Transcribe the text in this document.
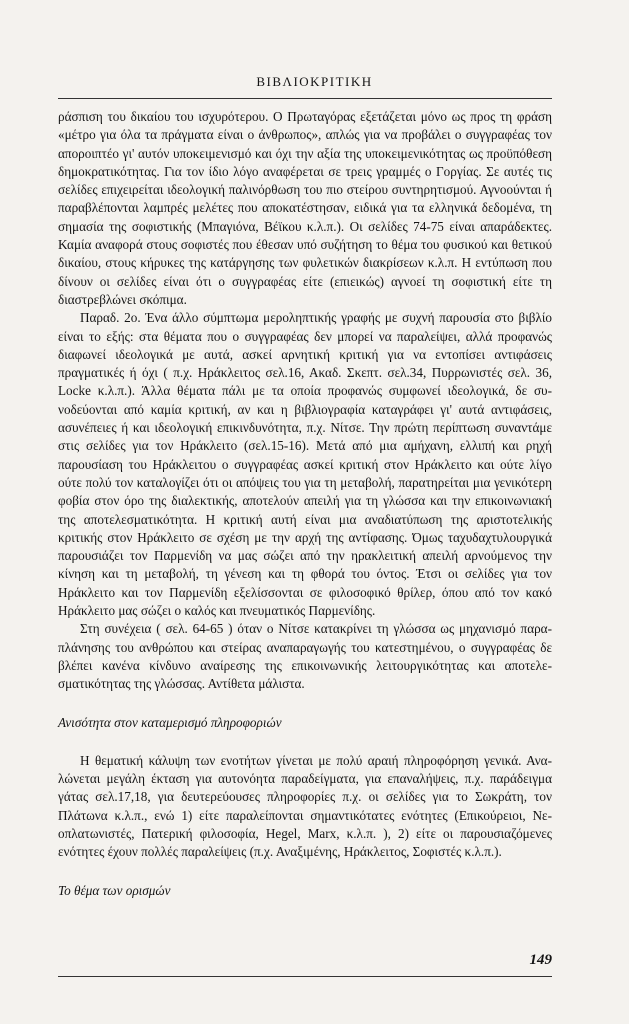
ΒΙΒΛΙΟΚΡΙΤΙΚΗ

ράσπιση του δικαίου του ισχυρότερου. Ο Πρωταγόρας εξετάζεται μόνο ως προς τη φράση «μέτρο για όλα τα πράγματα είναι ο άνθρωπος», απλώς για να προβάλει ο συγγραφέας τον αποροιπτέο γι' αυτόν υποκειμενισμό και όχι την αξία της υποκειμενικότητας ως προϋπόθεση δημοκρατικότητας. Για τον ίδιο λόγο αναφέρεται σε τρεις γραμμές ο Γοργίας. Σε αυτές τις σελίδες επιχειρείται ιδεολογική παλινόρθωση του πιο στείρου συντηρητισμού. Αγνοούνται ή παραβλέπονται λαμπρές μελέτες που αποκατέστησαν, ειδικά για τα ελληνικά δεδομένα, τη σημασία της σοφιστικής (Μπαγιόνα, Βέϊκου κ.λ.π.). Οι σελίδες 74-75 είναι απαράδεκτες. Καμία αναφορά στους σοφιστές που έθεσαν υπό συζήτηση το θέμα του φυσικού και θετικού δικαίου, στους κήρυκες της κατάργησης των φυλετικών διακρίσεων κ.λ.π. Η εντύπωση που δίνουν οι σελίδες είναι ότι ο συγγραφέας είτε (επιεικώς) αγνοεί τη σοφιστική είτε τη διαστρεβλώνει σκόπιμα.

Παραδ. 2ο. Ένα άλλο σύμπτωμα μεροληπτικής γραφής με συχνή παρουσία στο βιβλίο είναι το εξής: στα θέματα που ο συγγραφέας δεν μπορεί να παραλείψει, αλλά προφανώς διαφωνεί ιδεολογικά με αυτά, ασκεί αρνητική κριτική για να εντοπίσει αντιφάσεις πραγματικές ή όχι ( π.χ. Ηράκλειτος σελ.16, Ακαδ. Σκεπτ. σελ.34, Πυρρωνιστές σελ. 36, Locke κ.λ.π.). Άλλα θέματα πάλι με τα οποία προφανώς συμφωνεί ιδεολογικά, δε συνοδεύονται από καμία κριτική, αν και η βιβλιογραφία καταγράφει γι' αυτά αντιφάσεις, ασυνέπειες ή και ιδεολογική επικινδυνότητα, π.χ. Νίτσε. Την πρώτη περίπτωση συναντάμε στις σελίδες για τον Ηράκλειτο (σελ.15-16). Μετά από μια αμήχανη, ελλιπή και ρηχή παρουσίαση του Ηράκλειτου ο συγγραφέας ασκεί κριτική στον Ηράκλειτο και ούτε λίγο ούτε πολύ τον καταλογίζει ότι οι απόψεις του για τη μεταβολή, παρατηρείται μια γενικότερη φοβία στον όρο της διαλεκτικής, αποτελούν απειλή για τη γλώσσα και την επικοινωνιακή της αποτελεσματικότητα. Η κριτική αυτή είναι μια αναδιατύπωση της αριστοτελικής κριτικής στον Ηράκλειτο σε σχέση με την αρχή της αντίφασης. Όμως ταχυδαχτυλουργικά παρουσιάζει τον Παρμενίδη να μας σώζει από την ηρακλειτική απειλή αρνούμενος την κίνηση και τη μεταβολή, τη γένεση και τη φθορά του όντος. Έτσι οι σελίδες για τον Ηράκλειτο και τον Παρμενίδη εξελίσσονται σε φιλοσοφικό θρίλερ, όπου από τον κακό Ηράκλειτο μας σώζει ο καλός και πνευματικός Παρμενίδης.

Στη συνέχεια ( σελ. 64-65 ) όταν ο Νίτσε κατακρίνει τη γλώσσα ως μηχανισμό παραπλάνησης του ανθρώπου και στείρας αναπαραγωγής του κατεστημένου, ο συγγραφέας δε βλέπει κανένα κίνδυνο αναίρεσης της επικοινωνικής λειτουργικότητας και αποτελεσματικότητας της γλώσσας. Αντίθετα μάλιστα.

Ανισότητα στον καταμερισμό πληροφοριών

Η θεματική κάλυψη των ενοτήτων γίνεται με πολύ αραιή πληροφόρηση γενικά. Αναλώνεται μεγάλη έκταση για αυτονόητα παραδείγματα, για επαναλήψεις, π.χ. παράδειγμα γάτας σελ.17,18, για δευτερεύουσες πληροφορίες π.χ. οι σελίδες για το Σωκράτη, τον Πλάτωνα κ.λ.π., ενώ 1) είτε παραλείπονται σημαντικότατες ενότητες (Επικούρειοι, Νεοπλατωνιστές, Πατερική φιλοσοφία, Hegel, Marx, κ.λ.π. ), 2) είτε οι παρουσιαζόμενες ενότητες έχουν πολλές παραλείψεις (π.χ. Αναξιμένης, Ηράκλειτος, Σοφιστές κ.λ.π.).

Το θέμα των ορισμών
149
